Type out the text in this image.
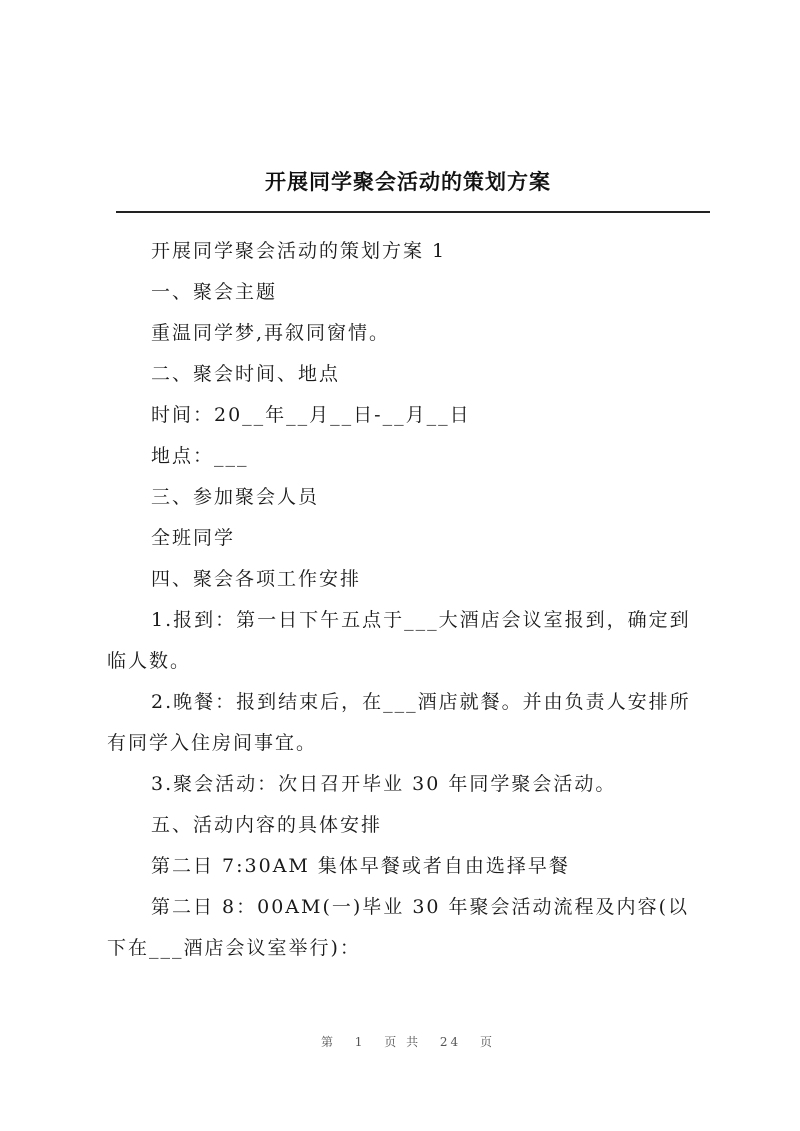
开展同学聚会活动的策划方案

开展同学聚会活动的策划方案 1

一、聚会主题

重温同学梦,再叙同窗情。

二、聚会时间、地点

时间：20__年__月__日-__月__日

地点：___

三、参加聚会人员

全班同学

四、聚会各项工作安排

1.报到：第一日下午五点于___大酒店会议室报到，确定到临人数。

2.晚餐：报到结束后，在___酒店就餐。并由负责人安排所有同学入住房间事宜。

3.聚会活动：次日召开毕业 30 年同学聚会活动。

五、活动内容的具体安排

第二日 7:30AM 集体早餐或者自由选择早餐

第二日 8：00AM(一)毕业 30 年聚会活动流程及内容(以下在___酒店会议室举行)：

第 1 页 共 24 页
